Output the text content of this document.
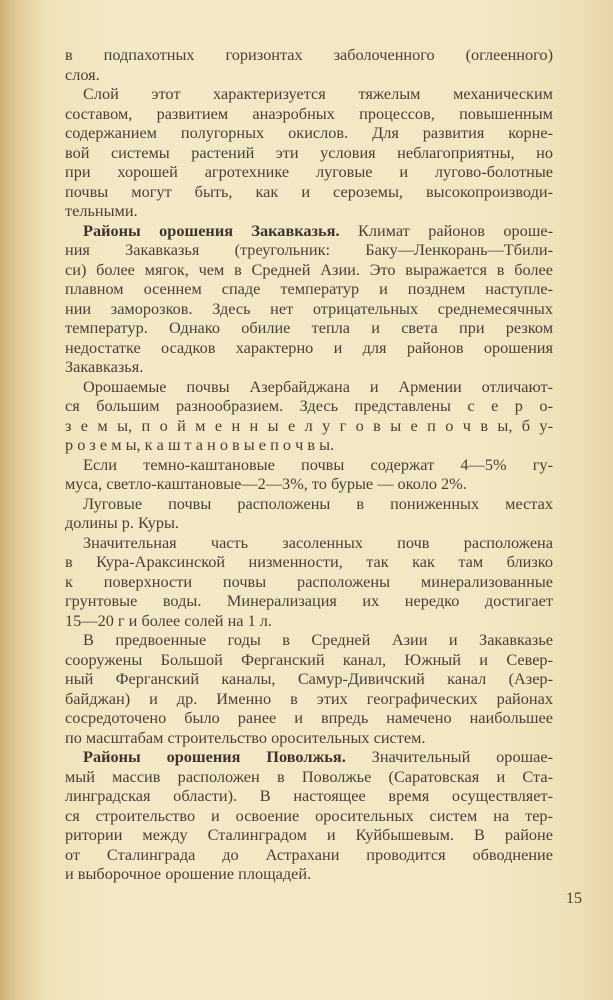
в подпахотных горизонтах заболоченного (оглеенного)
слоя.
Слой этот характеризуется тяжелым механическим
составом, развитием анаэробных процессов, повышенным
содержанием полугорных окислов. Для развития корне-
вой системы растений эти условия неблагоприятны, но
при хорошей агротехнике луговые и лугово-болотные
почвы могут быть, как и сероземы, высокопроизводи-
тельными.
Районы орошения Закавказья. Климат районов ороше-
ния Закавказья (треугольник: Баку—Ленкорань—Тбили-
си) более мягок, чем в Средней Азии. Это выражается в более
плавном осеннем спаде температур и позднем наступле-
нии заморозков. Здесь нет отрицательных среднемесячных
температур. Однако обилие тепла и света при резком
недостатке осадков характерно и для районов орошения
Закавказья.
Орошаемые почвы Азербайджана и Армении отличают-
ся большим разнообразием. Здесь представлены с е р о-
з е м ы, п о й м е н н ы е л у г о в ы е п о ч в ы, б у-
р о з е м ы, к а ш т а н о в ы е п о ч в ы.
Если темно-каштановые почвы содержат 4—5% гу-
муса, светло-каштановые—2—3%, то бурые — около 2%.
Луговые почвы расположены в пониженных местах
долины р. Куры.
Значительная часть засоленных почв расположена
в Кура-Араксинской низменности, так как там близко
к поверхности почвы расположены минерализованные
грунтовые воды. Минерализация их нередко достигает
15—20 г и более солей на 1 л.
В предвоенные годы в Средней Азии и Закавказье
сооружены Большой Ферганский канал, Южный и Север-
ный Ферганский каналы, Самур-Дивичский канал (Азер-
байджан) и др. Именно в этих географических районах
сосредоточено было ранее и впредь намечено наибольшее
по масштабам строительство оросительных систем.
Районы орошения Поволжья. Значительный орошае-
мый массив расположен в Поволжье (Саратовская и Ста-
линградская области). В настоящее время осуществляет-
ся строительство и освоение оросительных систем на тер-
ритории между Сталинградом и Куйбышевым. В районе
от Сталинграда до Астрахани проводится обводнение
и выборочное орошение площадей.
15
